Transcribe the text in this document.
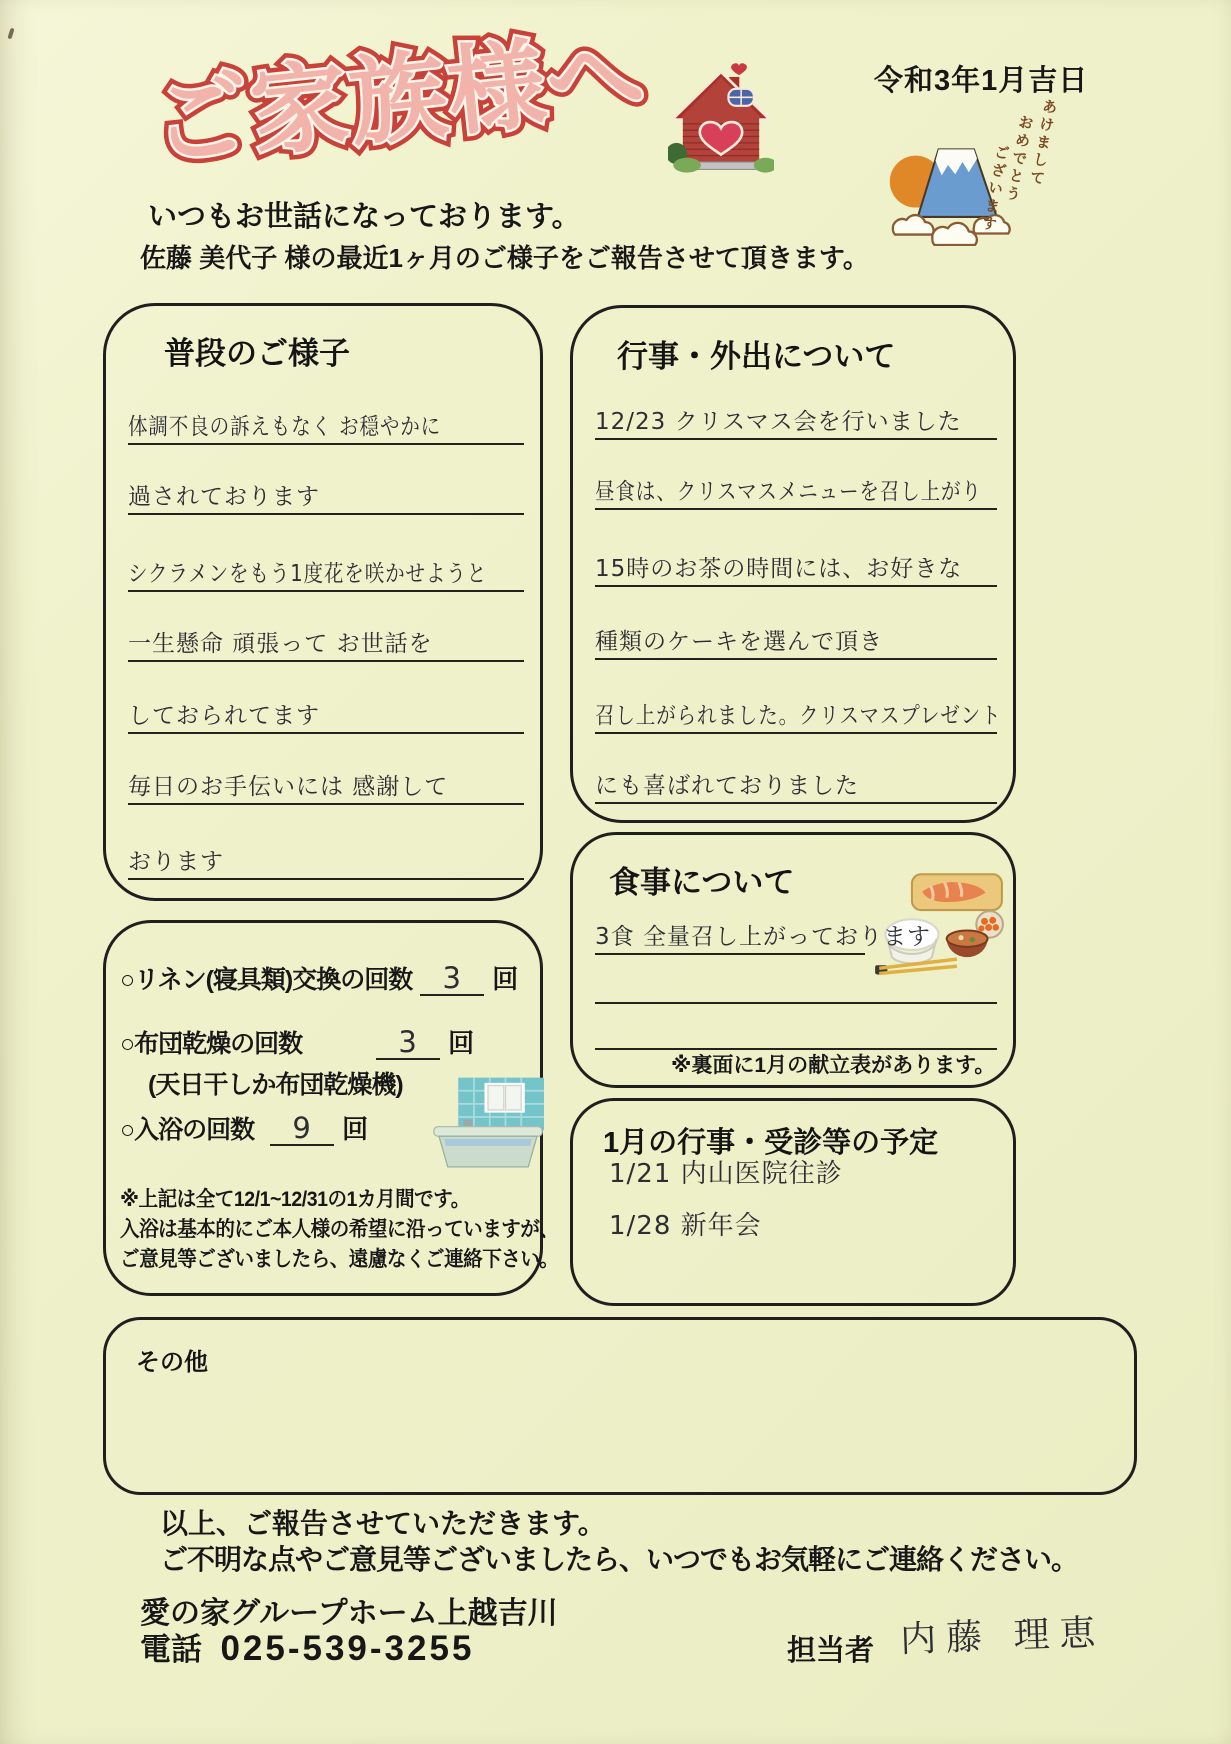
ご家族様へ ご家族様へ ご家族様へ	令和3年1月吉日
あけまして
おめでとう
ございます
いつもお世話になっております。
佐藤 美代子 様の最近1ヶ月のご様子をご報告させて頂きます。
普段のご様子
体調不良の訴えもなく お穏やかに
過されております
シクラメンをもう1度花を咲かせようと
一生懸命 頑張って お世話を
しておられてます
毎日のお手伝いには 感謝して
おります
行事・外出について
12/23 クリスマス会を行いました
昼食は、クリスマスメニューを召し上がり
15時のお茶の時間には、お好きな
種類のケーキを選んで頂き
召し上がられました。クリスマスプレゼント
にも喜ばれておりました
食事について
3食 全量召し上がっております
※裏面に1月の献立表があります。
1月の行事・受診等の予定
1/21 内山医院往診
1/28 新年会
○リネン(寝具類)交換の回数	3	回
○布団乾燥の回数	3	回
(天日干しか布団乾燥機)
○入浴の回数	9	回
※上記は全て12/1~12/31の1カ月間です。
入浴は基本的にご本人様の希望に沿っていますが、
ご意見等ございましたら、遠慮なくご連絡下さい。
その他
以上、ご報告させていただきます。
ご不明な点やご意見等ございましたら、いつでもお気軽にご連絡ください。
愛の家グループホーム上越吉川
電話 025-539-3255	担当者 内藤 理恵
